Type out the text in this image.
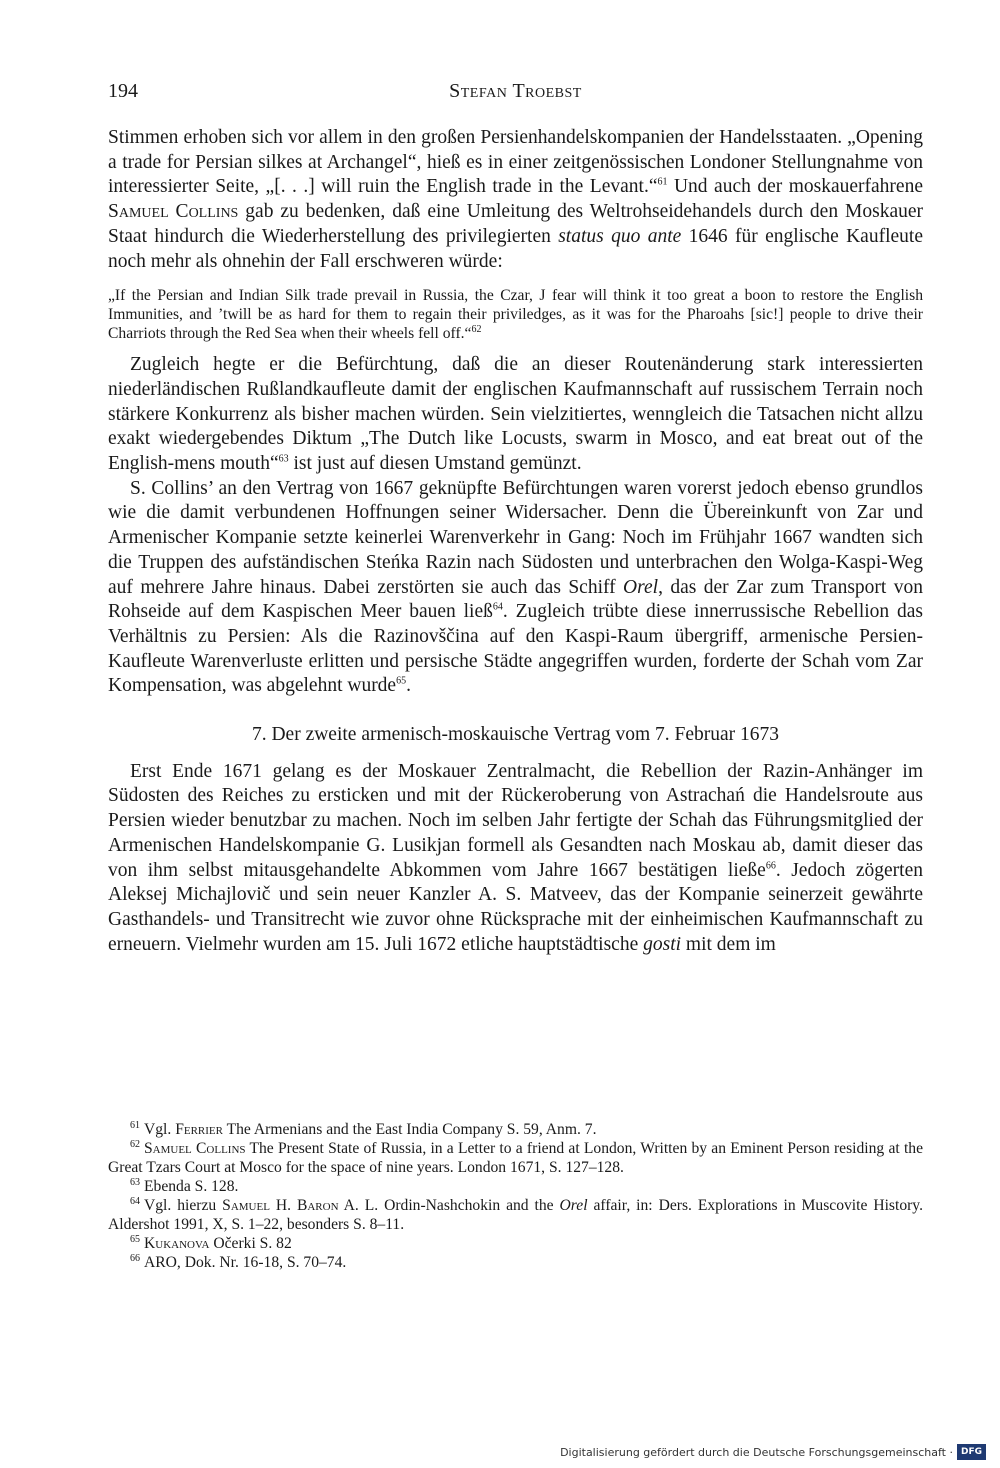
194	Stefan Troebst

Stimmen erhoben sich vor allem in den großen Persienhandelskompanien der Handelsstaaten. „Opening a trade for Persian silkes at Archangel“, hieß es in einer zeitgenössischen Londoner Stellungnahme von interessierter Seite, „[. . .] will ruin the English trade in the Levant.“$^{61}$ Und auch der moskauerfahrene Samuel Collins gab zu bedenken, daß eine Umleitung des Weltrohseidehandels durch den Moskauer Staat hindurch die Wiederherstellung des privilegierten status quo ante 1646 für englische Kaufleute noch mehr als ohnehin der Fall erschweren würde:

„If the Persian and Indian Silk trade prevail in Russia, the Czar, J fear will think it too great a boon to restore the English Immunities, and ’twill be as hard for them to regain their priviledges, as it was for the Pharoahs [sic!] people to drive their Charriots through the Red Sea when their wheels fell off.“$^{62}$

Zugleich hegte er die Befürchtung, daß die an dieser Routenänderung stark interessierten niederländischen Rußlandkaufleute damit der englischen Kaufmannschaft auf russischem Terrain noch stärkere Konkurrenz als bisher machen würden. Sein vielzitiertes, wenngleich die Tatsachen nicht allzu exakt wiedergebendes Diktum „The Dutch like Locusts, swarm in Mosco, and eat breat out of the English-mens mouth“$^{63}$ ist just auf diesen Umstand gemünzt.

S. Collins’ an den Vertrag von 1667 geknüpfte Befürchtungen waren vorerst jedoch ebenso grundlos wie die damit verbundenen Hoffnungen seiner Widersacher. Denn die Übereinkunft von Zar und Armenischer Kompanie setzte keinerlei Warenverkehr in Gang: Noch im Frühjahr 1667 wandten sich die Truppen des aufständischen Steńka Razin nach Südosten und unterbrachen den Wolga-Kaspi-Weg auf mehrere Jahre hinaus. Dabei zerstörten sie auch das Schiff Orel, das der Zar zum Transport von Rohseide auf dem Kaspischen Meer bauen ließ$^{64}$. Zugleich trübte diese innerrussische Rebellion das Verhältnis zu Persien: Als die Razinovščina auf den Kaspi-Raum übergriff, armenische Persien-Kaufleute Warenverluste erlitten und persische Städte angegriffen wurden, forderte der Schah vom Zar Kompensation, was abgelehnt wurde$^{65}$.

7. Der zweite armenisch-moskauische Vertrag vom 7. Februar 1673

Erst Ende 1671 gelang es der Moskauer Zentralmacht, die Rebellion der Razin-Anhänger im Südosten des Reiches zu ersticken und mit der Rückeroberung von Astrachań die Handelsroute aus Persien wieder benutzbar zu machen. Noch im selben Jahr fertigte der Schah das Führungsmitglied der Armenischen Handelskompanie G. Lusikjan formell als Gesandten nach Moskau ab, damit dieser das von ihm selbst mitausgehandelte Abkommen vom Jahre 1667 bestätigen ließe$^{66}$. Jedoch zögerten Aleksej Michajlovič und sein neuer Kanzler A. S. Matveev, das der Kompanie seinerzeit gewährte Gasthandels- und Transitrecht wie zuvor ohne Rücksprache mit der einheimischen Kaufmannschaft zu erneuern. Vielmehr wurden am 15. Juli 1672 etliche hauptstädtische gosti mit dem im

$^{61}$ Vgl. Ferrier The Armenians and the East India Company S. 59, Anm. 7.

$^{62}$ Samuel Collins The Present State of Russia, in a Letter to a friend at London, Written by an Eminent Person residing at the Great Tzars Court at Mosco for the space of nine years. London 1671, S. 127–128.

$^{63}$ Ebenda S. 128.

$^{64}$ Vgl. hierzu Samuel H. Baron A. L. Ordin-Nashchokin and the Orel affair, in: Ders. Explorations in Muscovite History. Aldershot 1991, X, S. 1–22, besonders S. 8–11.

$^{65}$ Kukanova Očerki S. 82

$^{66}$ ARO, Dok. Nr. 16-18, S. 70–74.

Digitalisierung gefördert durch die Deutsche Forschungsgemeinschaft · DFG
